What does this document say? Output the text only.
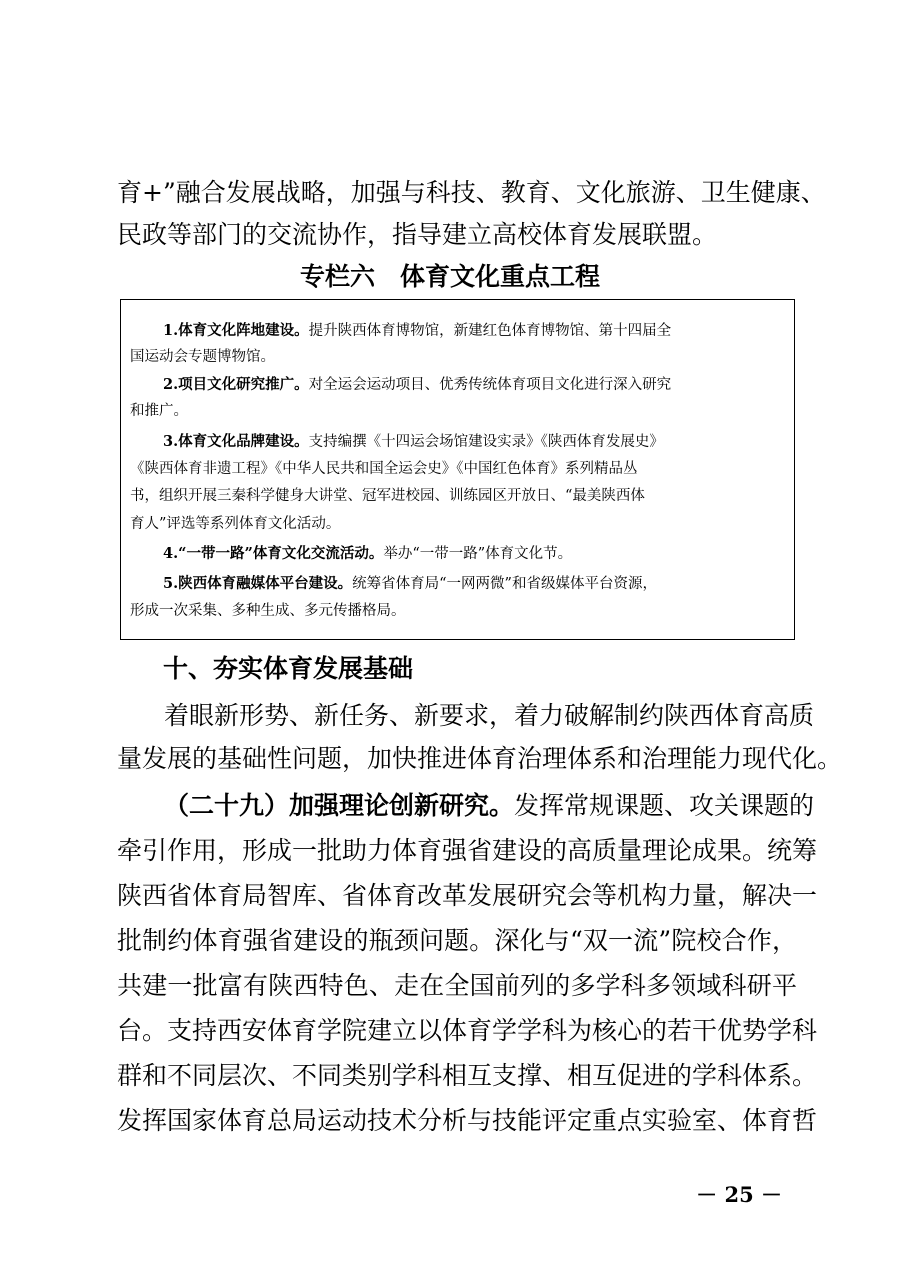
育+”融合发展战略，加强与科技、教育、文化旅游、卫生健康、
民政等部门的交流协作，指导建立高校体育发展联盟。
专栏六　体育文化重点工程
1.体育文化阵地建设。提升陕西体育博物馆，新建红色体育博物馆、第十四届全
国运动会专题博物馆。
2.项目文化研究推广。对全运会运动项目、优秀传统体育项目文化进行深入研究
和推广。
3.体育文化品牌建设。支持编撰《十四运会场馆建设实录》《陕西体育发展史》
《陕西体育非遗工程》《中华人民共和国全运会史》《中国红色体育》系列精品丛
书，组织开展三秦科学健身大讲堂、冠军进校园、训练园区开放日、“最美陕西体
育人”评选等系列体育文化活动。
4.“一带一路”体育文化交流活动。举办“一带一路”体育文化节。
5.陕西体育融媒体平台建设。统筹省体育局“一网两微”和省级媒体平台资源，
形成一次采集、多种生成、多元传播格局。
十、夯实体育发展基础
着眼新形势、新任务、新要求，着力破解制约陕西体育高质
量发展的基础性问题，加快推进体育治理体系和治理能力现代化。
（二十九）加强理论创新研究。发挥常规课题、攻关课题的
牵引作用，形成一批助力体育强省建设的高质量理论成果。统筹
陕西省体育局智库、省体育改革发展研究会等机构力量，解决一
批制约体育强省建设的瓶颈问题。深化与“双一流”院校合作，
共建一批富有陕西特色、走在全国前列的多学科多领域科研平
台。支持西安体育学院建立以体育学学科为核心的若干优势学科
群和不同层次、不同类别学科相互支撑、相互促进的学科体系。
发挥国家体育总局运动技术分析与技能评定重点实验室、体育哲
－ 25 －
